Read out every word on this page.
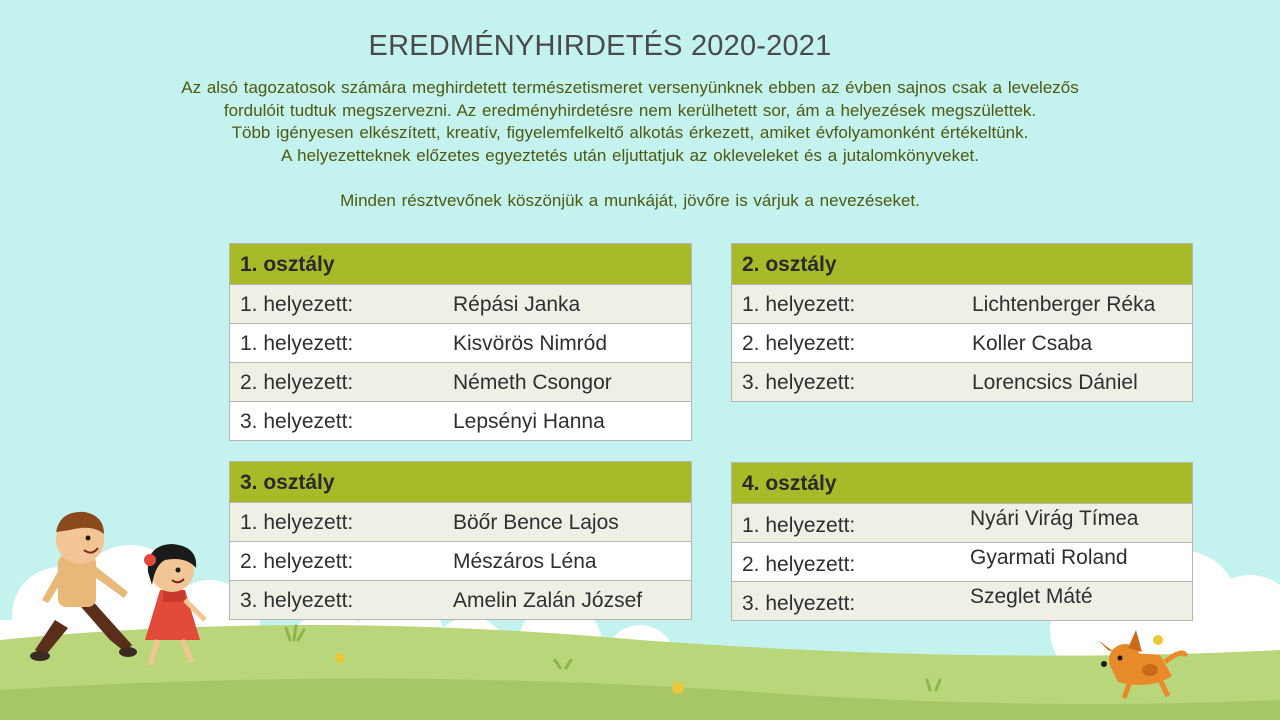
EREDMÉNYHIRDETÉS 2020-2021

Az alsó tagozatosok számára meghirdetett természetismeret versenyünknek ebben az évben sajnos csak a levelezős

fordulóit tudtuk megszervezni. Az eredményhirdetésre nem kerülhetett sor, ám a helyezések megszülettek.

Több igényesen elkészített, kreatív, figyelemfelkeltő alkotás érkezett, amiket évfolyamonként értékeltünk.

A helyezetteknek előzetes egyeztetés után eljuttatjuk az okleveleket és a jutalomkönyveket.

Minden résztvevőnek köszönjük a munkáját, jövőre is várjuk a nevezéseket.
1. osztály
1. helyezett:	Répási Janka
1. helyezett:	Kisvörös Nimród
2. helyezett:	Németh Csongor
3. helyezett:	Lepsényi Hanna
2. osztály
1. helyezett:	Lichtenberger Réka
2. helyezett:	Koller Csaba
3. helyezett:	Lorencsics Dániel
3. osztály
1. helyezett:	Böőr Bence Lajos
2. helyezett:	Mészáros Léna
3. helyezett:	Amelin Zalán József
4. osztály
1. helyezett:	Nyári Virág Tímea
2. helyezett:	Gyarmati Roland
3. helyezett:	Szeglet Máté
